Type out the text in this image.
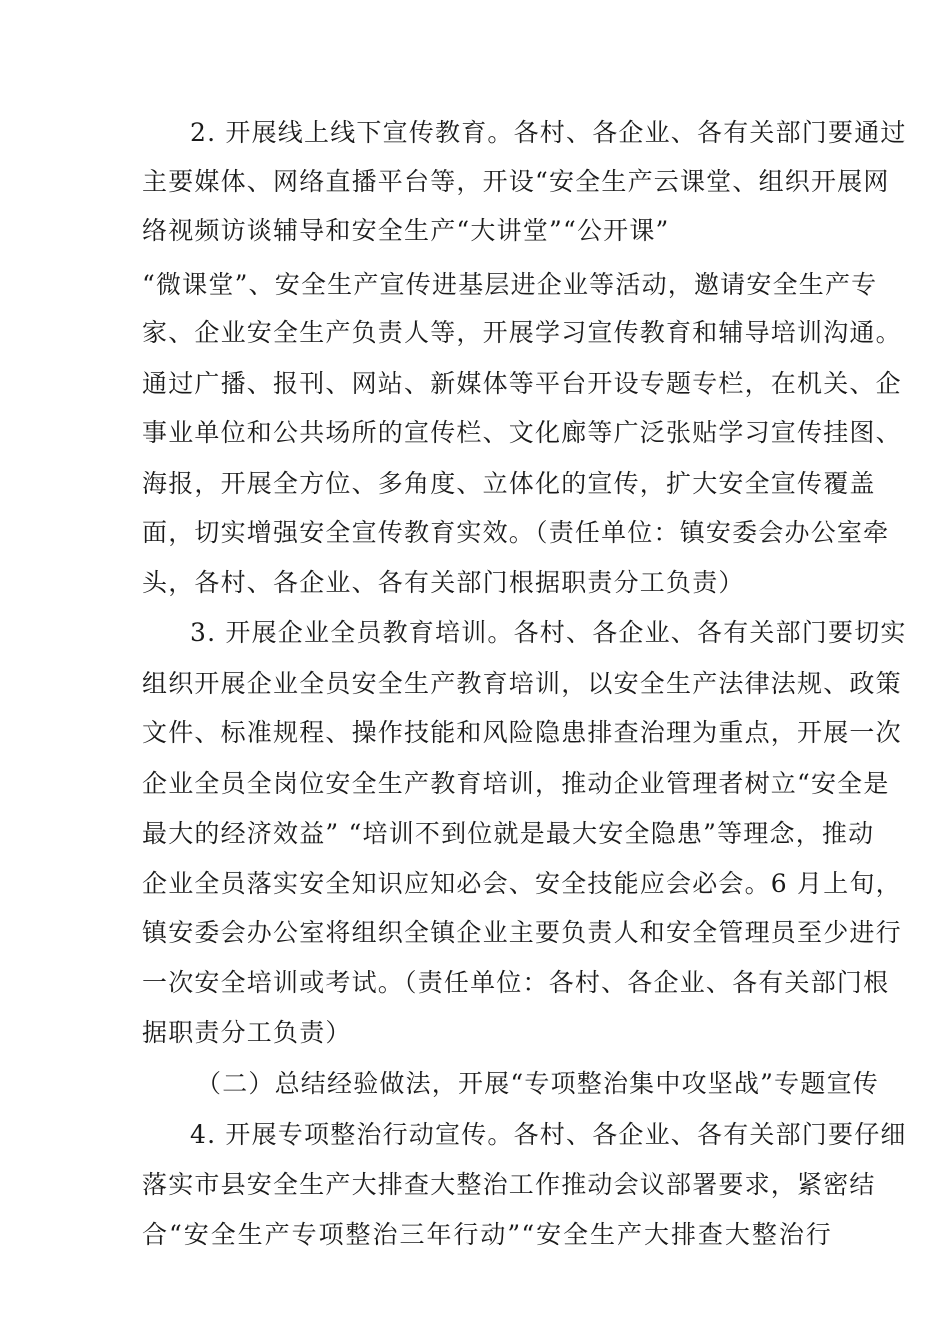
2. 开展线上线下宣传教育。各村、各企业、各有关部门要通过
主要媒体、网络直播平台等，开设“安全生产云课堂、组织开展网
络视频访谈辅导和安全生产“大讲堂”“公开课”
“微课堂”、安全生产宣传进基层进企业等活动，邀请安全生产专
家、企业安全生产负责人等，开展学习宣传教育和辅导培训沟通。
通过广播、报刊、网站、新媒体等平台开设专题专栏，在机关、企
事业单位和公共场所的宣传栏、文化廊等广泛张贴学习宣传挂图、
海报，开展全方位、多角度、立体化的宣传，扩大安全宣传覆盖
面，切实增强安全宣传教育实效。（责任单位：镇安委会办公室牵
头，各村、各企业、各有关部门根据职责分工负责）
3. 开展企业全员教育培训。各村、各企业、各有关部门要切实
组织开展企业全员安全生产教育培训，以安全生产法律法规、政策
文件、标准规程、操作技能和风险隐患排查治理为重点，开展一次
企业全员全岗位安全生产教育培训，推动企业管理者树立“安全是
最大的经济效益” “培训不到位就是最大安全隐患”等理念，推动
企业全员落实安全知识应知必会、安全技能应会必会。6 月上旬，
镇安委会办公室将组织全镇企业主要负责人和安全管理员至少进行
一次安全培训或考试。（责任单位：各村、各企业、各有关部门根
据职责分工负责）
（二）总结经验做法，开展“专项整治集中攻坚战”专题宣传
4. 开展专项整治行动宣传。各村、各企业、各有关部门要仔细
落实市县安全生产大排查大整治工作推动会议部署要求，紧密结
合“安全生产专项整治三年行动”“安全生产大排查大整治行
